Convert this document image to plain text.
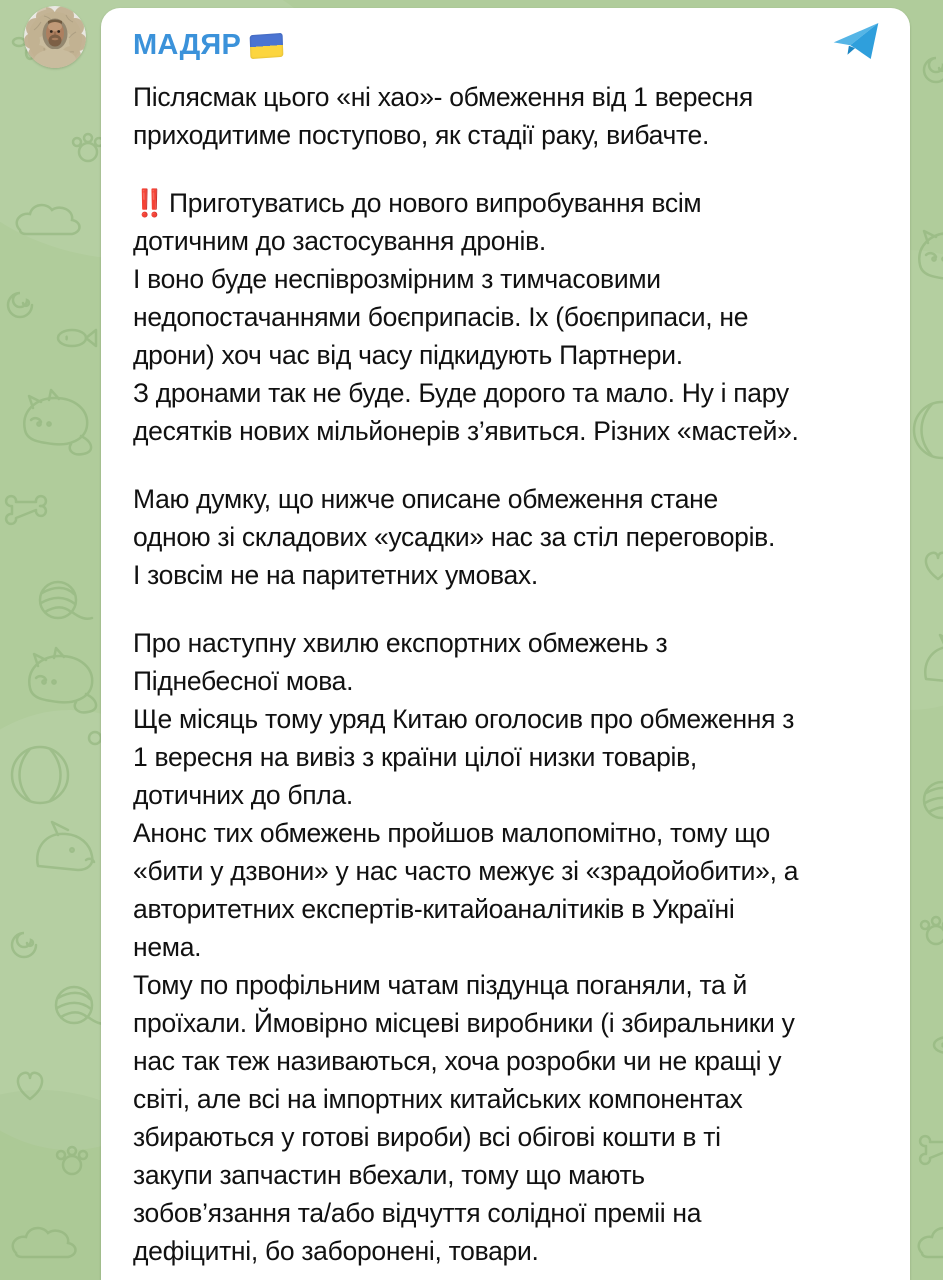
МАДЯР
Післясмак цього «ні хао»- обмеження від 1 вересня
приходитиме поступово, як стадії раку, вибачте.
‼️ Приготуватись до нового випробування всім
дотичним до застосування дронів.
І воно буде неспіврозмірним з тимчасовими
недопостачаннями боєприпасів. Іх (боєприпаси, не
дрони) хоч час від часу підкидують Партнери.
З дронами так не буде. Буде дорого та мало. Ну і пару
десятків нових мільйонерів з’явиться. Різних «мастей».
Маю думку, що нижче описане обмеження стане
одною зі складових «усадки» нас за стіл переговорів.
І зовсім не на паритетних умовах.
Про наступну хвилю експортних обмежень з
Піднебесної мова.
Ще місяць тому уряд Китаю оголосив про обмеження з
1 вересня на вивіз з країни цілої низки товарів,
дотичних до бпла.
Анонс тих обмежень пройшов малопомітно, тому що
«бити у дзвони» у нас часто межує зі «зрадойобити», а
авторитетних експертів-китайоаналітиків в Україні
нема.
Тому по профільним чатам піздунца поганяли, та й
проїхали. Ймовірно місцеві виробники (і збиральники у
нас так теж називаються, хоча розробки чи не кращі у
світі, але всі на імпортних китайських компонентах
збираються у готові вироби) всі обігові кошти в ті
закупи запчастин вбехали, тому що мають
зобов’язання та/або відчуття солідної преміі на
дефіцитні, бо заборонені, товари.
